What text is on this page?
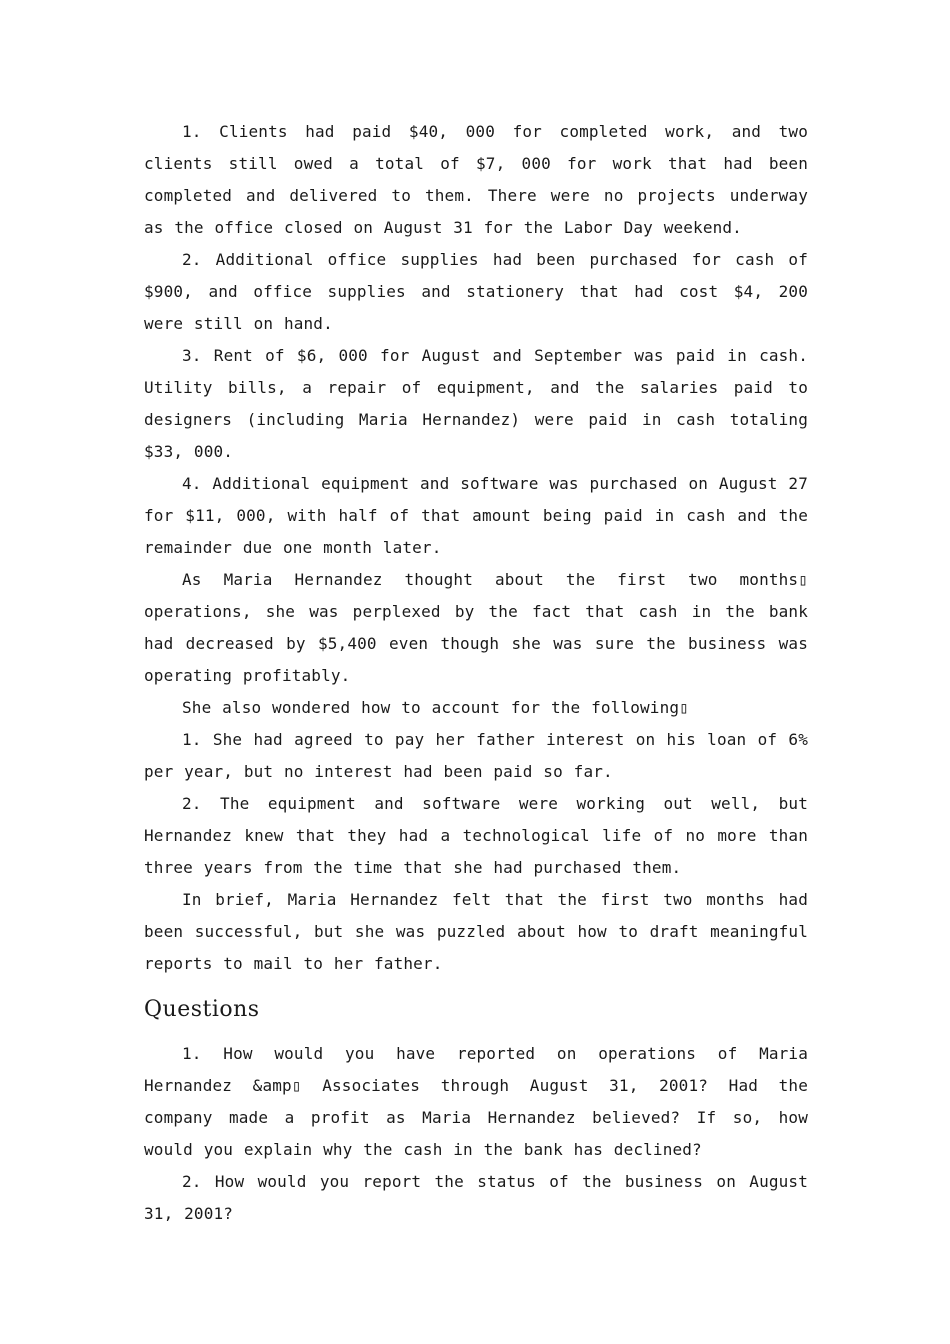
1. Clients had paid $40, 000 for completed work, and two clients still owed a total of $7, 000 for work that had been completed and delivered to them. There were no projects underway as the office closed on August 31 for the Labor Day weekend.

2. Additional office supplies had been purchased for cash of $900, and office supplies and stationery that had cost $4, 200 were still on hand.

3. Rent of $6, 000 for August and September was paid in cash. Utility bills, a repair of equipment, and the salaries paid to designers (including Maria Hernandez) were paid in cash totaling $33, 000.

4. Additional equipment and software was purchased on August 27 for $11, 000, with half of that amount being paid in cash and the remainder due one month later.

As Maria Hernandez thought about the first two months▯ operations, she was perplexed by the fact that cash in the bank had decreased by $5,400 even though she was sure the business was operating profitably.

She also wondered how to account for the following▯

1. She had agreed to pay her father interest on his loan of 6% per year, but no interest had been paid so far.

2. The equipment and software were working out well, but Hernandez knew that they had a technological life of no more than three years from the time that she had purchased them.

In brief, Maria Hernandez felt that the first two months had been successful, but she was puzzled about how to draft meaningful reports to mail to her father.

Questions

1. How would you have reported on operations of Maria Hernandez &amp▯ Associates through August 31, 2001? Had the company made a profit as Maria Hernandez believed? If so, how would you explain why the cash in the bank has declined?

2. How would you report the status of the business on August 31, 2001?
